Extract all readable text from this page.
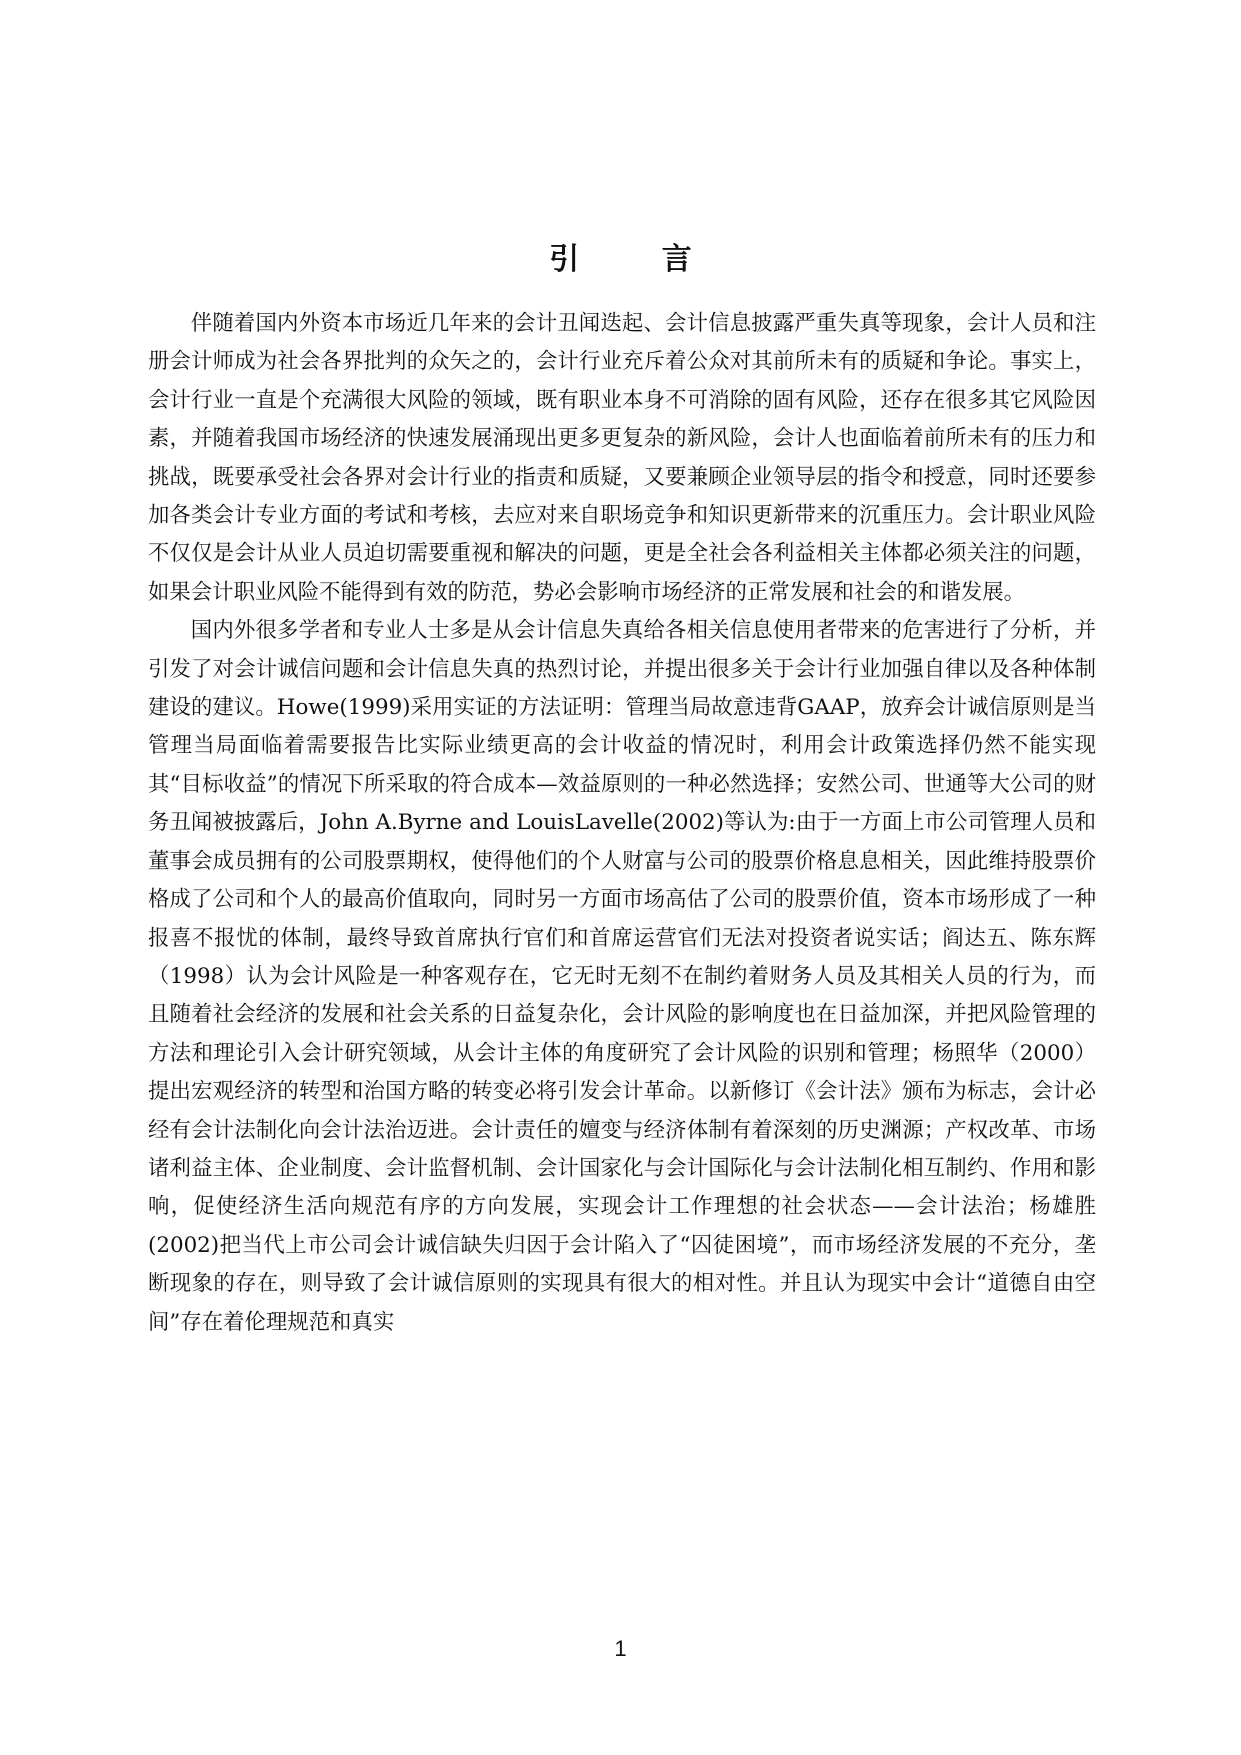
引 言

伴随着国内外资本市场近几年来的会计丑闻迭起、会计信息披露严重失真等现象，会计人员和注册会计师成为社会各界批判的众矢之的，会计行业充斥着公众对其前所未有的质疑和争论。事实上，会计行业一直是个充满很大风险的领域，既有职业本身不可消除的固有风险，还存在很多其它风险因素，并随着我国市场经济的快速发展涌现出更多更复杂的新风险，会计人也面临着前所未有的压力和挑战，既要承受社会各界对会计行业的指责和质疑，又要兼顾企业领导层的指令和授意，同时还要参加各类会计专业方面的考试和考核，去应对来自职场竞争和知识更新带来的沉重压力。会计职业风险不仅仅是会计从业人员迫切需要重视和解决的问题，更是全社会各利益相关主体都必须关注的问题，如果会计职业风险不能得到有效的防范，势必会影响市场经济的正常发展和社会的和谐发展。

国内外很多学者和专业人士多是从会计信息失真给各相关信息使用者带来的危害进行了分析，并引发了对会计诚信问题和会计信息失真的热烈讨论，并提出很多关于会计行业加强自律以及各种体制建设的建议。Howe(1999)采用实证的方法证明：管理当局故意违背GAAP，放弃会计诚信原则是当管理当局面临着需要报告比实际业绩更高的会计收益的情况时，利用会计政策选择仍然不能实现其“目标收益”的情况下所采取的符合成本—效益原则的一种必然选择；安然公司、世通等大公司的财务丑闻被披露后，John A.Byrne and LouisLavelle(2002)等认为:由于一方面上市公司管理人员和董事会成员拥有的公司股票期权，使得他们的个人财富与公司的股票价格息息相关，因此维持股票价格成了公司和个人的最高价值取向，同时另一方面市场高估了公司的股票价值，资本市场形成了一种报喜不报忧的体制，最终导致首席执行官们和首席运营官们无法对投资者说实话；阎达五、陈东辉（1998）认为会计风险是一种客观存在，它无时无刻不在制约着财务人员及其相关人员的行为，而且随着社会经济的发展和社会关系的日益复杂化，会计风险的影响度也在日益加深，并把风险管理的方法和理论引入会计研究领域，从会计主体的角度研究了会计风险的识别和管理；杨照华（2000）提出宏观经济的转型和治国方略的转变必将引发会计革命。以新修订《会计法》颁布为标志，会计必经有会计法制化向会计法治迈进。会计责任的嬗变与经济体制有着深刻的历史渊源；产权改革、市场诸利益主体、企业制度、会计监督机制、会计国家化与会计国际化与会计法制化相互制约、作用和影响，促使经济生活向规范有序的方向发展，实现会计工作理想的社会状态——会计法治；杨雄胜(2002)把当代上市公司会计诚信缺失归因于会计陷入了“囚徒困境”，而市场经济发展的不充分，垄断现象的存在，则导致了会计诚信原则的实现具有很大的相对性。并且认为现实中会计“道德自由空间”存在着伦理规范和真实

1
